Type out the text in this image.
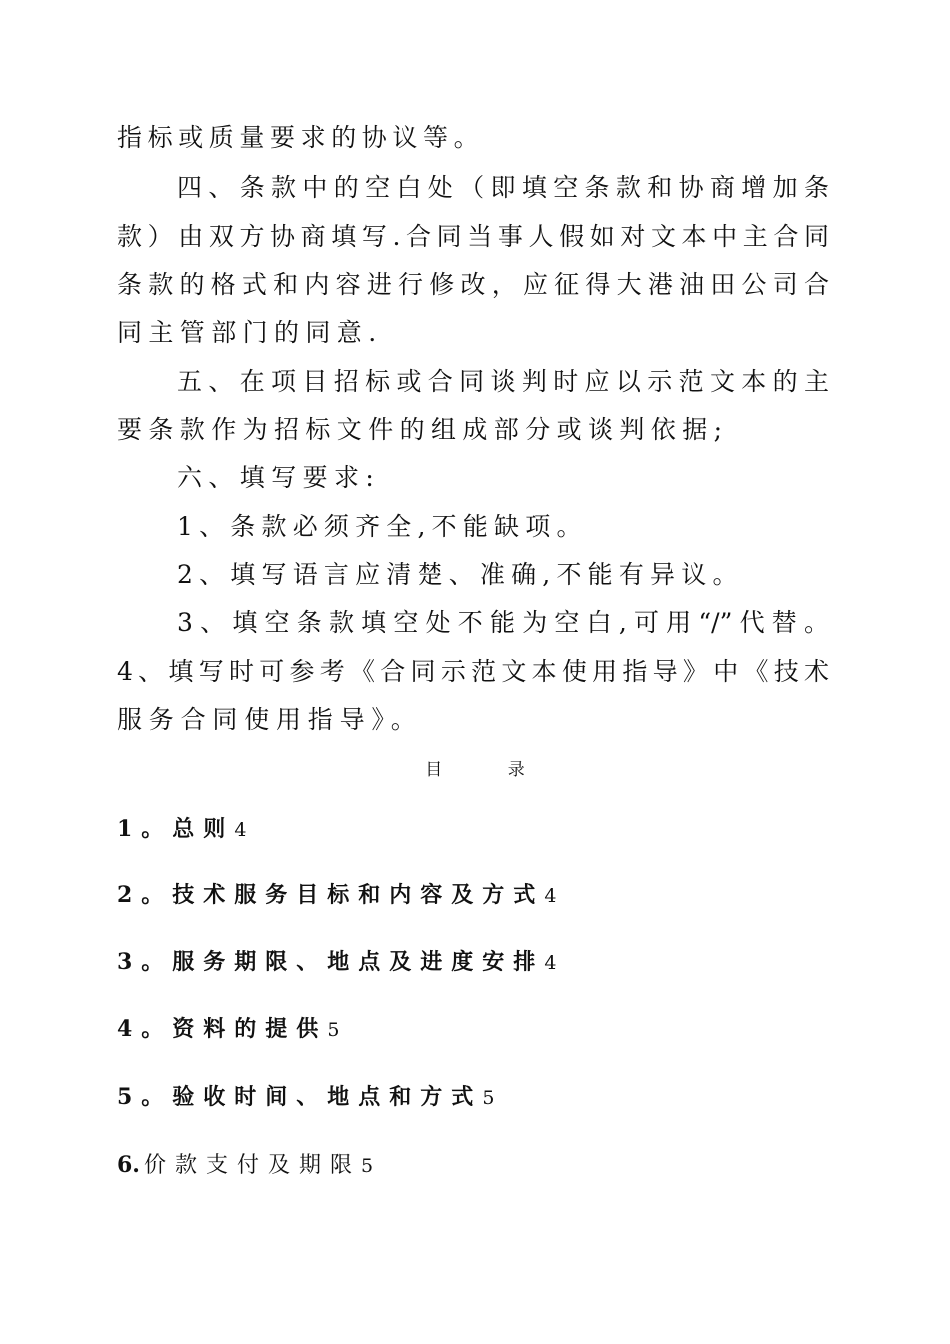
指标或质量要求的协议等。
四、条款中的空白处（即填空条款和协商增加条
款）由双方协商填写.合同当事人假如对文本中主合同
条款的格式和内容进行修改，应征得大港油田公司合
同主管部门的同意.
五、在项目招标或合同谈判时应以示范文本的主
要条款作为招标文件的组成部分或谈判依据;
六、填写要求:
1、条款必须齐全,不能缺项。
2、填写语言应清楚、准确,不能有异议。
3、填空条款填空处不能为空白,可用“/”代替。
4、填写时可参考《合同示范文本使用指导》中《技术
服务合同使用指导》。
目 录
1。总则4
2。技术服务目标和内容及方式4
3。服务期限、地点及进度安排4
4。资料的提供5
5。验收时间、地点和方式5
6. 价款支付及期限5
